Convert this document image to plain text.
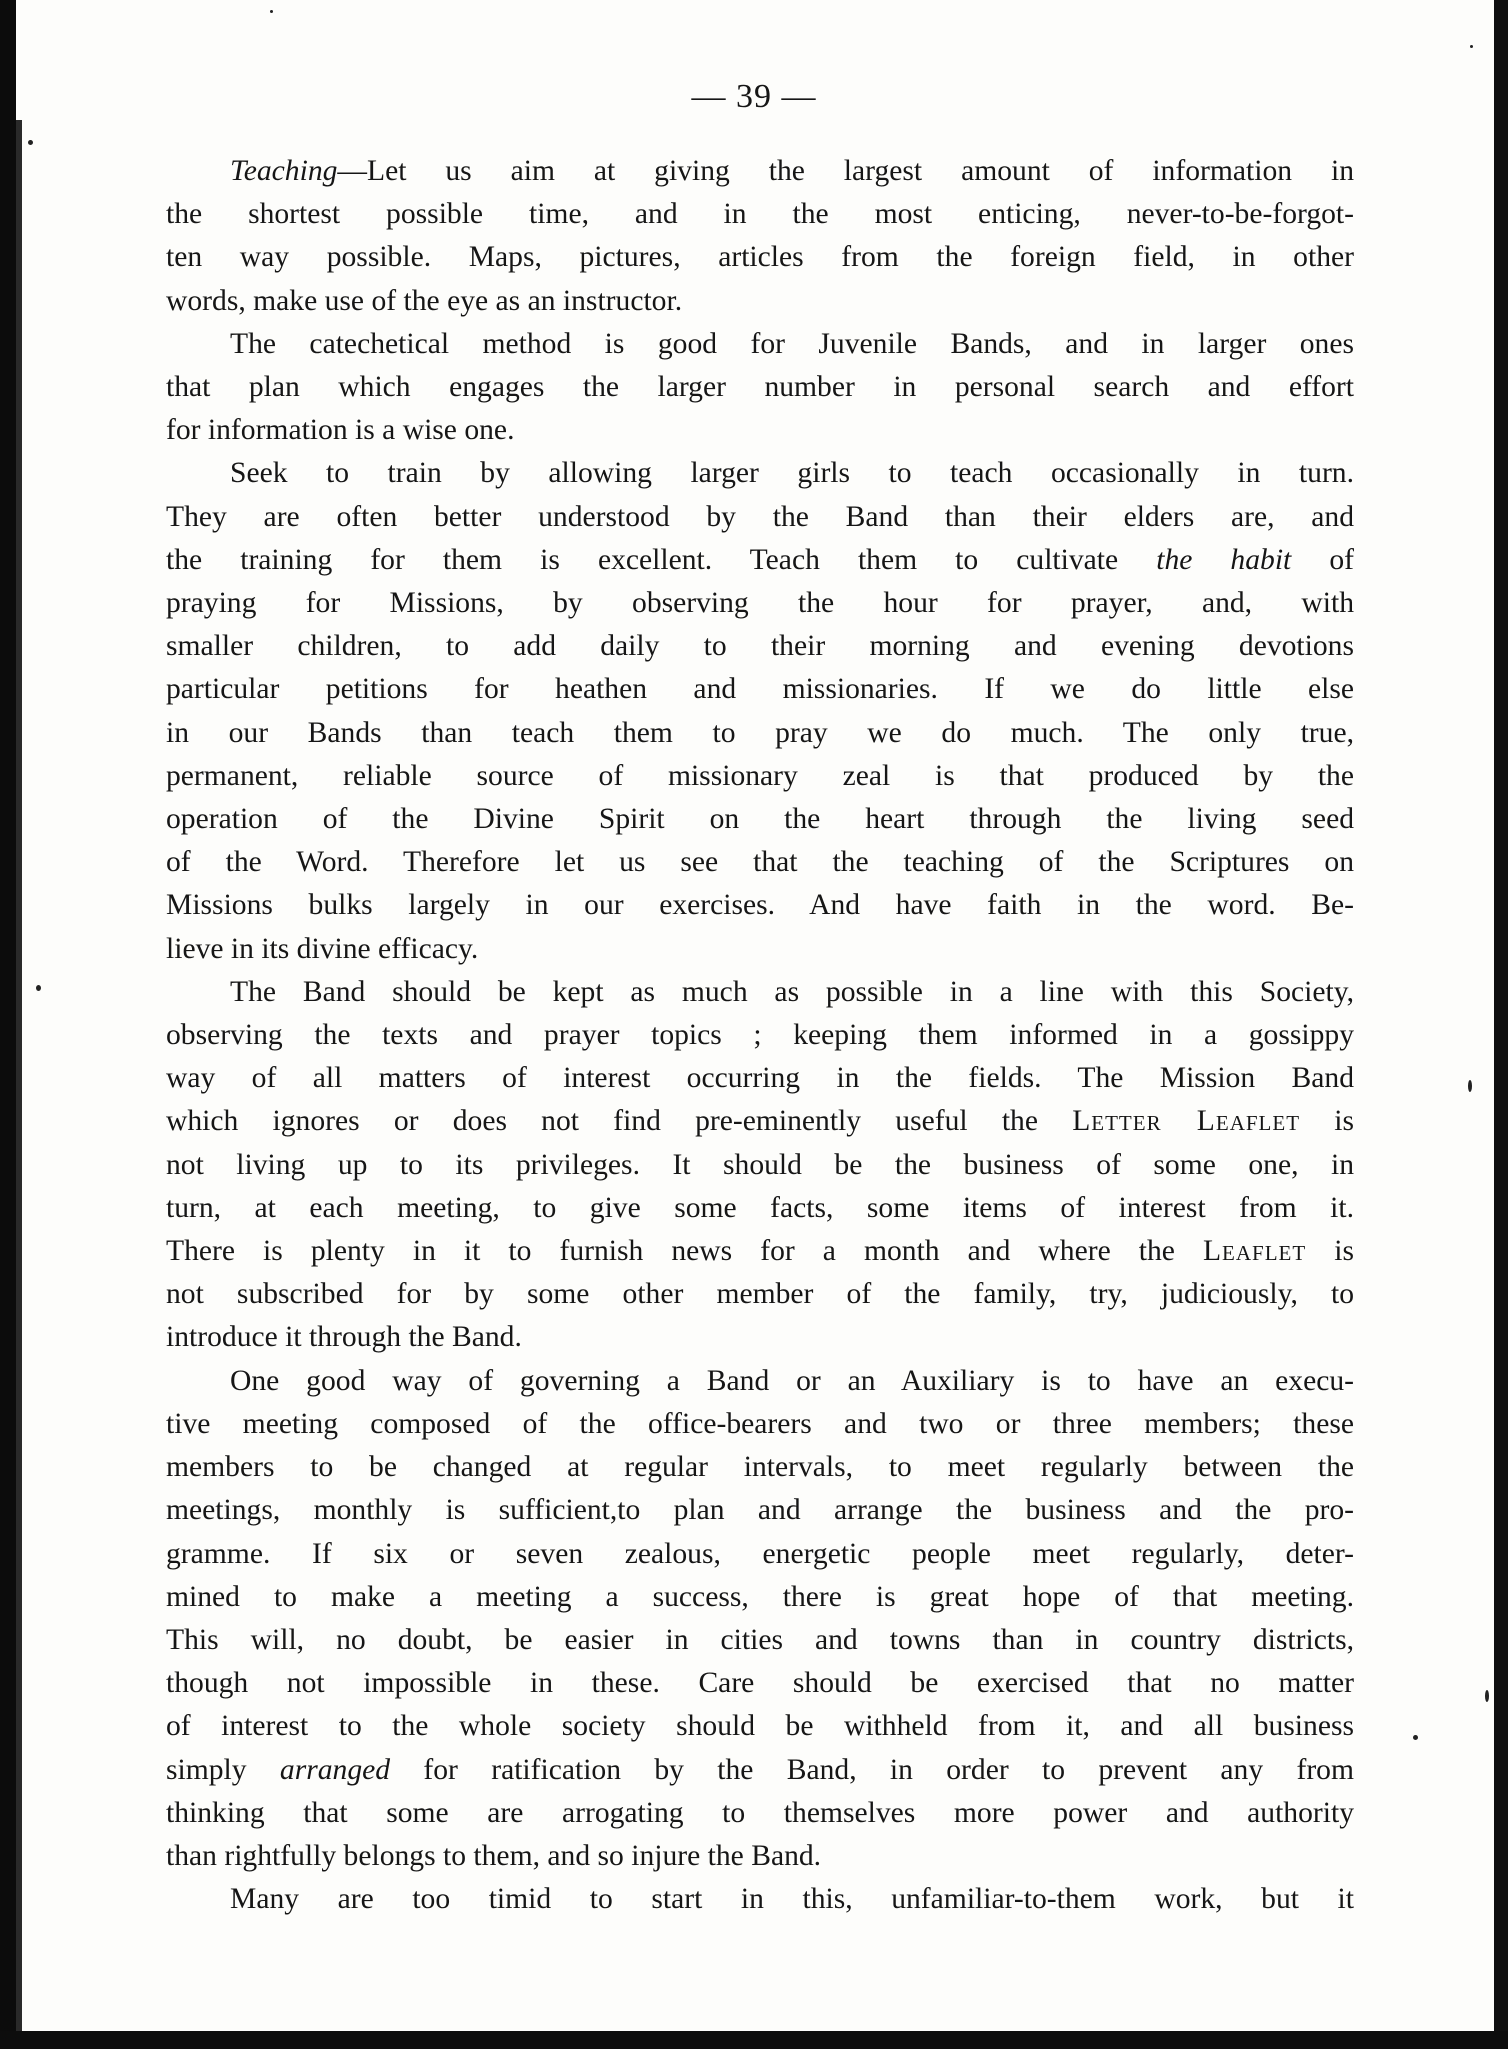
— 39 —

Teaching—Let us aim at giving the largest amount of information in
the shortest possible time, and in the most enticing, never-to-be-forgot-
ten way possible. Maps, pictures, articles from the foreign field, in other
words, make use of the eye as an instructor.

The catechetical method is good for Juvenile Bands, and in larger ones
that plan which engages the larger number in personal search and effort
for information is a wise one.

Seek to train by allowing larger girls to teach occasionally in turn.
They are often better understood by the Band than their elders are, and
the training for them is excellent. Teach them to cultivate the habit of
praying for Missions, by observing the hour for prayer, and, with
smaller children, to add daily to their morning and evening devotions
particular petitions for heathen and missionaries. If we do little else
in our Bands than teach them to pray we do much. The only true,
permanent, reliable source of missionary zeal is that produced by the
operation of the Divine Spirit on the heart through the living seed
of the Word. Therefore let us see that the teaching of the Scriptures on
Missions bulks largely in our exercises. And have faith in the word. Be-
lieve in its divine efficacy.

The Band should be kept as much as possible in a line with this Society,
observing the texts and prayer topics ; keeping them informed in a gossippy
way of all matters of interest occurring in the fields. The Mission Band
which ignores or does not find pre-eminently useful the Letter Leaflet is
not living up to its privileges. It should be the business of some one, in
turn, at each meeting, to give some facts, some items of interest from it.
There is plenty in it to furnish news for a month and where the Leaflet is
not subscribed for by some other member of the family, try, judiciously, to
introduce it through the Band.

One good way of governing a Band or an Auxiliary is to have an execu-
tive meeting composed of the office-bearers and two or three members; these
members to be changed at regular intervals, to meet regularly between the
meetings, monthly is sufficient,to plan and arrange the business and the pro-
gramme. If six or seven zealous, energetic people meet regularly, deter-
mined to make a meeting a success, there is great hope of that meeting.
This will, no doubt, be easier in cities and towns than in country districts,
though not impossible in these. Care should be exercised that no matter
of interest to the whole society should be withheld from it, and all business
simply arranged for ratification by the Band, in order to prevent any from
thinking that some are arrogating to themselves more power and authority
than rightfully belongs to them, and so injure the Band.

Many are too timid to start in this, unfamiliar-to-them work, but it
